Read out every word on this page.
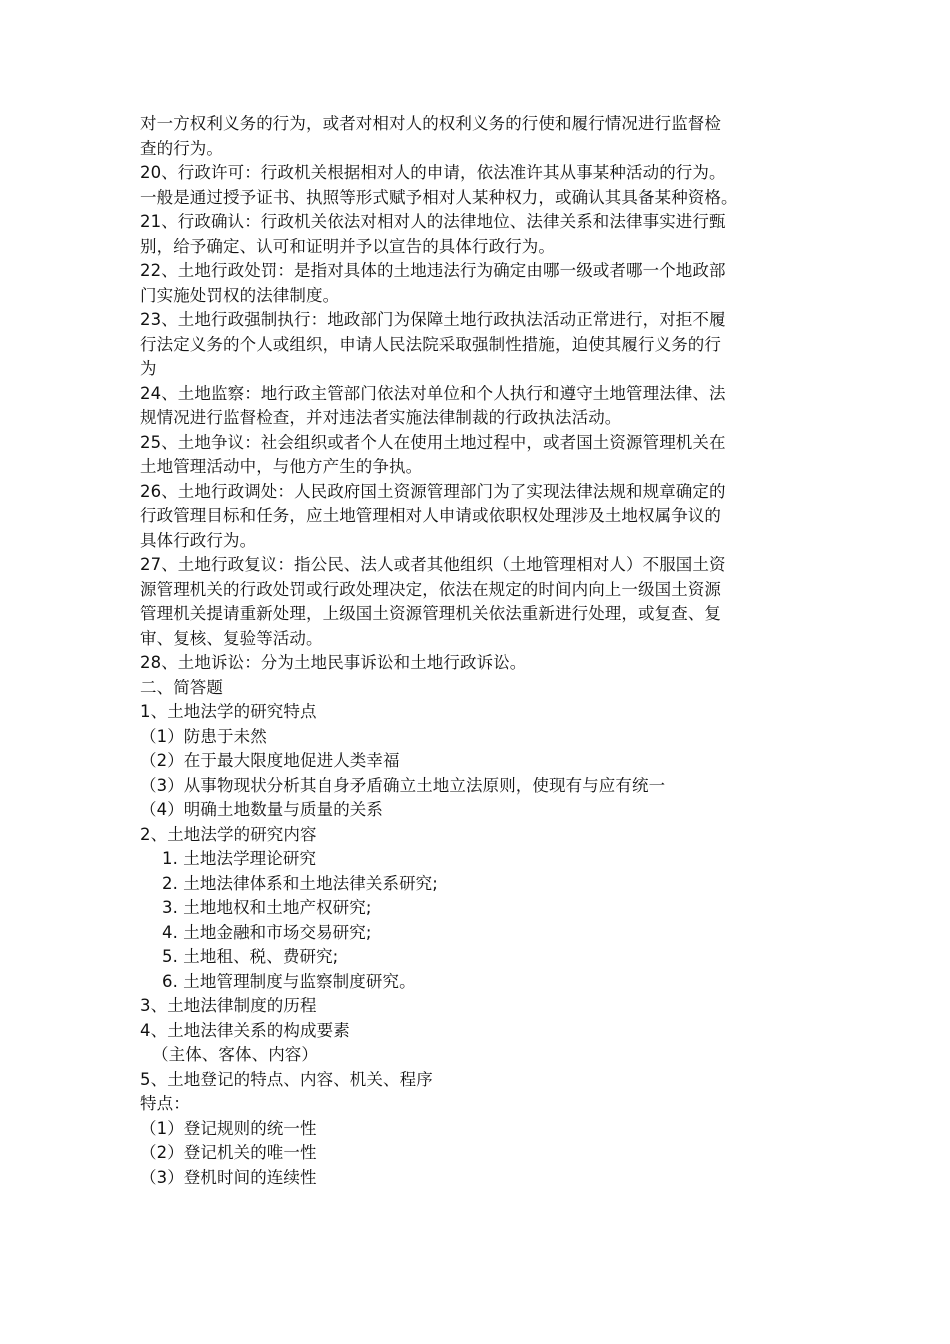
对一方权利义务的行为，或者对相对人的权利义务的行使和履行情况进行监督检
查的行为。
20、行政许可：行政机关根据相对人的申请，依法准许其从事某种活动的行为。
一般是通过授予证书、执照等形式赋予相对人某种权力，或确认其具备某种资格。
21、行政确认：行政机关依法对相对人的法律地位、法律关系和法律事实进行甄
别，给予确定、认可和证明并予以宣告的具体行政行为。
22、土地行政处罚：是指对具体的土地违法行为确定由哪一级或者哪一个地政部
门实施处罚权的法律制度。
23、土地行政强制执行：地政部门为保障土地行政执法活动正常进行，对拒不履
行法定义务的个人或组织，申请人民法院采取强制性措施，迫使其履行义务的行
为
24、土地监察：地行政主管部门依法对单位和个人执行和遵守土地管理法律、法
规情况进行监督检查，并对违法者实施法律制裁的行政执法活动。
25、土地争议：社会组织或者个人在使用土地过程中，或者国土资源管理机关在
土地管理活动中，与他方产生的争执。
26、土地行政调处：人民政府国土资源管理部门为了实现法律法规和规章确定的
行政管理目标和任务，应土地管理相对人申请或依职权处理涉及土地权属争议的
具体行政行为。
27、土地行政复议：指公民、法人或者其他组织（土地管理相对人）不服国土资
源管理机关的行政处罚或行政处理决定，依法在规定的时间内向上一级国土资源
管理机关提请重新处理，上级国土资源管理机关依法重新进行处理，或复查、复
审、复核、复验等活动。
28、土地诉讼：分为土地民事诉讼和土地行政诉讼。
二、简答题
1、土地法学的研究特点
（1）防患于未然
（2）在于最大限度地促进人类幸福
（3）从事物现状分析其自身矛盾确立土地立法原则，使现有与应有统一
（4）明确土地数量与质量的关系
2、土地法学的研究内容
1. 土地法学理论研究
2. 土地法律体系和土地法律关系研究;
3. 土地地权和土地产权研究;
4. 土地金融和市场交易研究;
5. 土地租、税、费研究;
6. 土地管理制度与监察制度研究。
3、土地法律制度的历程
4、土地法律关系的构成要素
（主体、客体、内容）
5、土地登记的特点、内容、机关、程序
特点：
（1）登记规则的统一性
（2）登记机关的唯一性
（3）登机时间的连续性
